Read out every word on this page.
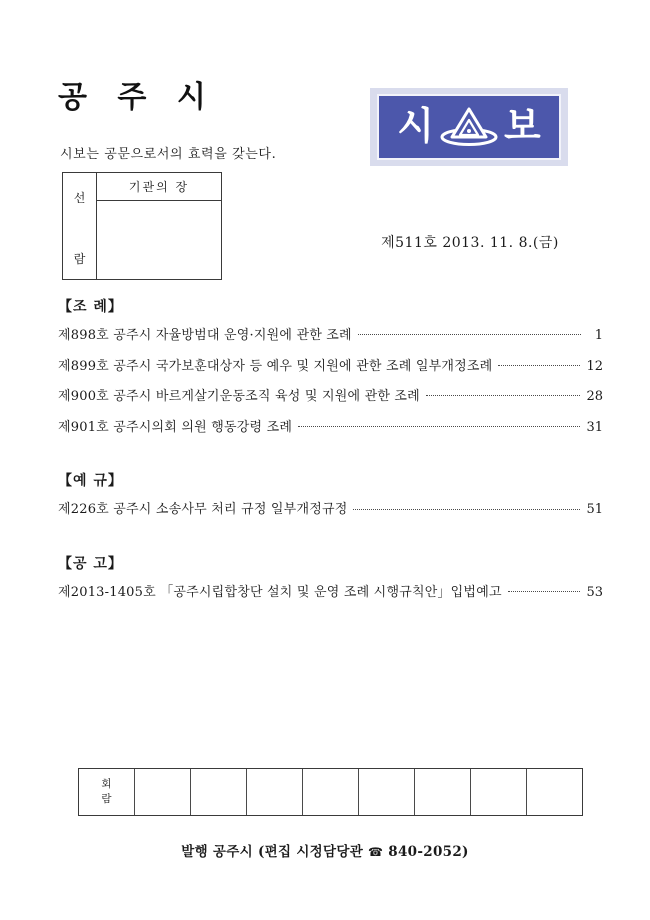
공 주 시
시보는 공문으로서의 효력을 갖는다.
시 보
제511호 2013. 11. 8.(금)
선
람
기관의 장
【조 례】
제898호 공주시 자율방범대 운영·지원에 관한 조례	1
제899호 공주시 국가보훈대상자 등 예우 및 지원에 관한 조례 일부개정조례	12
제900호 공주시 바르게살기운동조직 육성 및 지원에 관한 조례	28
제901호 공주시의회 의원 행동강령 조례	31
【예 규】
제226호 공주시 소송사무 처리 규정 일부개정규정	51
【공 고】
제2013-1405호 「공주시립합창단 설치 및 운영 조례 시행규칙안」입법예고	53
회
람
발행 공주시 (편집 시정담당관 ☎ 840-2052)
